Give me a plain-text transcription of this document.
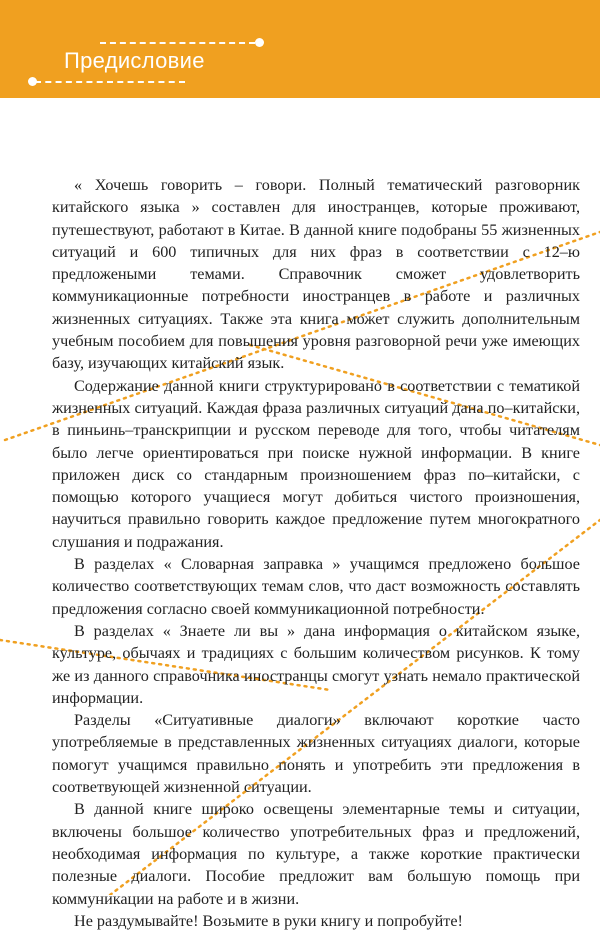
Предисловие

« Хочешь говорить – говори. Полный тематический разговорник китайского языка » составлен для иностранцев, которые проживают, путешествуют, работают в Китае. В данной книге подобраны 55 жизненных ситуаций и 600 типичных для них фраз в соответствии с 12–ю предложеными темами. Справочник сможет удовлетворить коммуникационные потребности иностранцев в работе и различных жизненных ситуациях. Также эта книга может служить дополнительным учебным пособием для повышения уровня разговорной речи уже имеющих базу, изучающих китайский язык.

Содержание данной книги структурировано в соответствии с тематикой жизненных ситуаций. Каждая фраза различных ситуаций дана по–китайски, в пиньинь–транскрипции и русском переводе для того, чтобы читателям было легче ориентироваться при поиске нужной информации. В книге приложен диск со стандарным произношением фраз по–китайски, с помощью которого учащиеся могут добиться чистого произношения, научиться правильно говорить каждое предложение путем многократного слушания и подражания.

В разделах « Словарная заправка » учащимся предложено большое количество соответствующих темам слов, что даст возможность составлять предложения согласно своей коммуникационной потребности.

В разделах « Знаете ли вы » дана информация о китайском языке, культуре, обычаях и традициях с большим количеством рисунков. К тому же из данного справочника иностранцы смогут узнать немало практической информации.

Разделы «Ситуативные диалоги» включают короткие часто употребляемые в представленных жизненных ситуациях диалоги, которые помогут учащимся правильно понять и употребить эти предложения в соответвующей жизненной ситуации.

В данной книге широко освещены элементарные темы и ситуации, включены большое количество употребительных фраз и предложений, необходимая информация по культуре, а также короткие практически полезные диалоги. Пособие предложит вам большую помощь при коммуникации на работе и в жизни.

Не раздумывайте! Возьмите в руки книгу и попробуйте!
